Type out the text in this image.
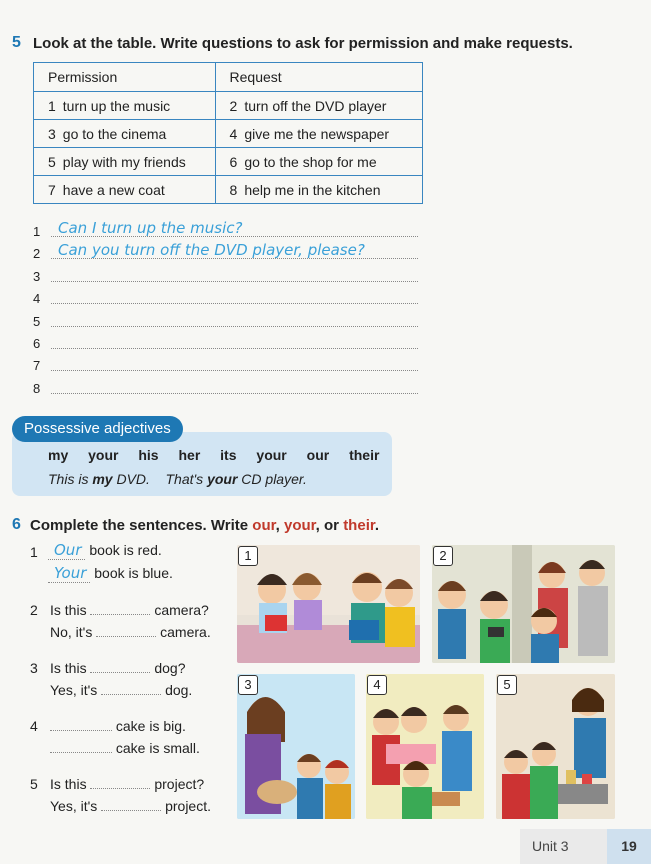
5 Look at the table. Write questions to ask for permission and make requests.
Permission	Request
1 turn up the music	2 turn off the DVD player
3 go to the cinema	4 give me the newspaper
5 play with my friends	6 go to the shop for me
7 have a new coat	8 help me in the kitchen
1 Can I turn up the music?
2 Can you turn off the DVD player, please?
3
4
5
6
7
8
Possessive adjectives
my your his her its your our their
This is my DVD. That's your CD player.
6 Complete the sentences. Write our, your, or their.
1	Our book is red.
Your book is blue.
2 Is this	camera?
No, it's	camera.
3 Is this	dog?
Yes, it's	dog.
4	cake is big.
cake is small.
5 Is this	project?
Yes, it's	project.
1	2
3	4	5
Unit 3	19
